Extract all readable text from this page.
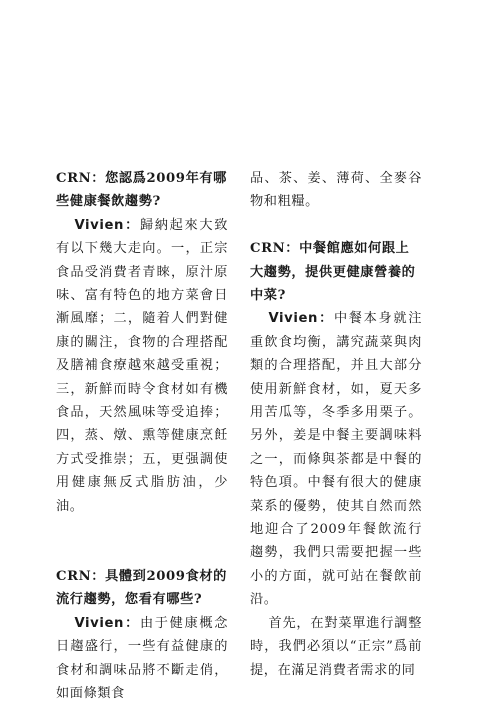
CRN：您認爲2009年有哪些健康餐飲趨勢?

Vivien：歸納起來大致有以下幾大走向。一，正宗食品受消費者青睞，原汁原味、富有特色的地方菜會日漸風靡；二，隨着人們對健康的關注，食物的合理搭配及膳補食療越來越受重視；三，新鮮而時令食材如有機食品，天然風味等受追捧；四，蒸、燉、熏等健康烹飪方式受推崇；五，更强調使用健康無反式脂肪油，少油。

CRN：具體到2009食材的流行趨勢，您看有哪些?

Vivien：由于健康概念日趨盛行，一些有益健康的食材和調味品將不斷走俏，如面條類食

品、茶、姜、薄荷、全麥谷物和粗糧。

CRN：中餐館應如何跟上大趨勢，提供更健康營養的中菜?

Vivien：中餐本身就注重飲食均衡，講究蔬菜與肉類的合理搭配，并且大部分使用新鮮食材，如，夏天多用苦瓜等，冬季多用栗子。另外，姜是中餐主要調味料之一，而條與茶都是中餐的特色項。中餐有很大的健康菜系的優勢，使其自然而然地迎合了2009年餐飲流行趨勢，我們只需要把握一些小的方面，就可站在餐飲前沿。

首先，在對菜單進行調整時，我們必須以“正宗”爲前提，在滿足消費者需求的同
